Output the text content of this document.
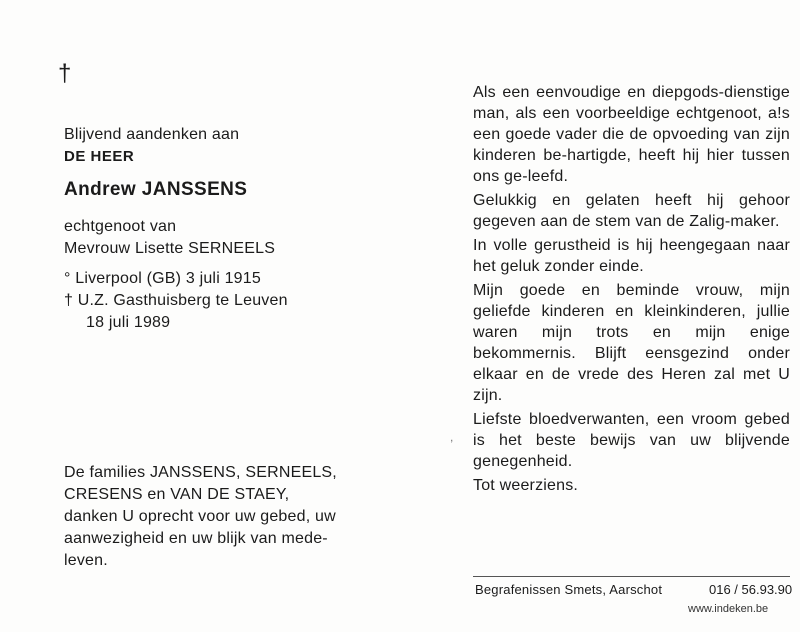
†
Blijvend aandenken aan
DE HEER
Andrew JANSSENS
echtgenoot van
Mevrouw Lisette SERNEELS
° Liverpool (GB) 3 juli 1915
† U.Z. Gasthuisberg te Leuven
18 juli 1989
De families JANSSENS, SERNEELS,
CRESENS en VAN DE STAEY,
danken U oprecht voor uw gebed, uw
aanwezigheid en uw blijk van mede-
leven.
,

Als een eenvoudige en diepgods-dienstige man, als een voorbeeldige echtgenoot, a!s een goede vader die de opvoeding van zijn kinderen be-hartigde, heeft hij hier tussen ons ge-leefd.

Gelukkig en gelaten heeft hij gehoor gegeven aan de stem van de Zalig-maker.

In volle gerustheid is hij heengegaan naar het geluk zonder einde.

Mijn goede en beminde vrouw, mijn geliefde kinderen en kleinkinderen, jullie waren mijn trots en mijn enige bekommernis. Blijft eensgezind onder elkaar en de vrede des Heren zal met U zijn.

Liefste bloedverwanten, een vroom gebed is het beste bewijs van uw blijvende genegenheid.

Tot weerziens.

Begrafenissen Smets, Aarschot	016 / 56.93.90
www.indeken.be
